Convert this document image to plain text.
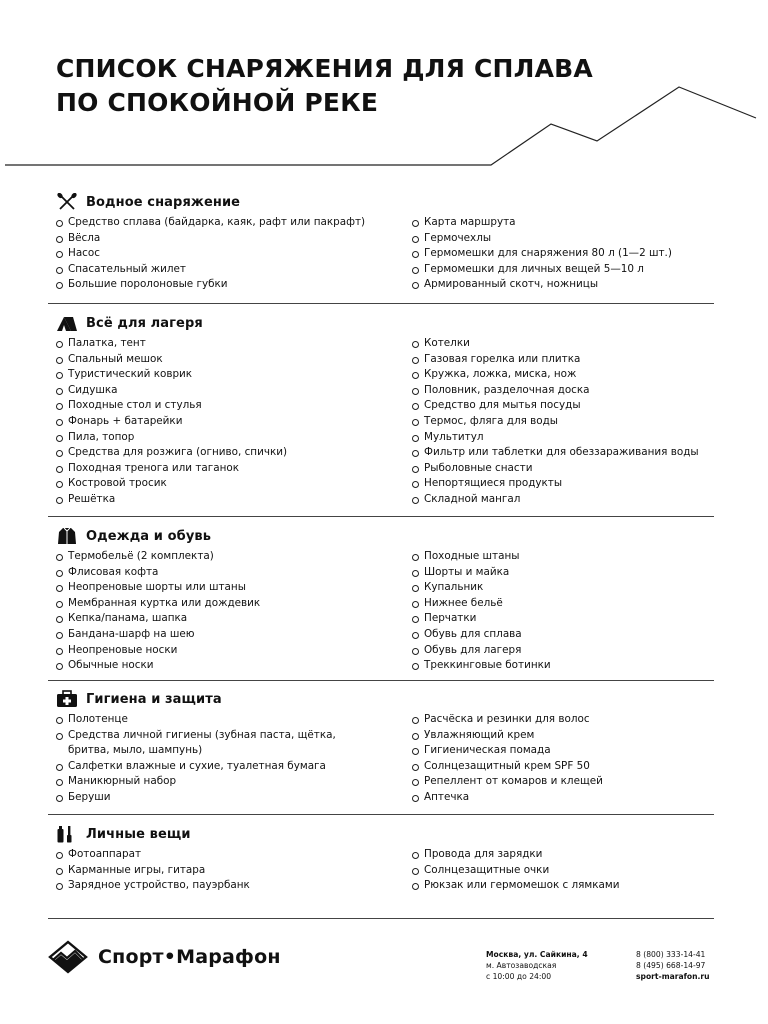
СПИСОК СНАРЯЖЕНИЯ ДЛЯ СПЛАВА
ПО СПОКОЙНОЙ РЕКЕ
Водное снаряжение
Средство сплава (байдарка, каяк, рафт или пакрафт)
Вёсла
Насос
Спасательный жилет
Большие поролоновые губки
Карта маршрута
Гермочехлы
Гермомешки для снаряжения 80 л (1—2 шт.)
Гермомешки для личных вещей 5—10 л
Армированный скотч, ножницы
Всё для лагеря
Палатка, тент
Спальный мешок
Туристический коврик
Сидушка
Походные стол и стулья
Фонарь + батарейки
Пила, топор
Средства для розжига (огниво, спички)
Походная тренога или таганок
Костровой тросик
Решётка
Котелки
Газовая горелка или плитка
Кружка, ложка, миска, нож
Половник, разделочная доска
Средство для мытья посуды
Термос, фляга для воды
Мультитул
Фильтр или таблетки для обеззараживания воды
Рыболовные снасти
Непортящиеся продукты
Складной мангал
Одежда и обувь
Термобельё (2 комплекта)
Флисовая кофта
Неопреновые шорты или штаны
Мембранная куртка или дождевик
Кепка/панама, шапка
Бандана-шарф на шею
Неопреновые носки
Обычные носки
Походные штаны
Шорты и майка
Купальник
Нижнее бельё
Перчатки
Обувь для сплава
Обувь для лагеря
Треккинговые ботинки
Гигиена и защита
Полотенце
Средства личной гигиены (зубная паста, щётка, бритва, мыло, шампунь)
Салфетки влажные и сухие, туалетная бумага
Маникюрный набор
Беруши
Расчёска и резинки для волос
Увлажняющий крем
Гигиеническая помада
Солнцезащитный крем SPF 50
Репеллент от комаров и клещей
Аптечка
Личные вещи
Фотоаппарат
Карманные игры, гитара
Зарядное устройство, пауэрбанк
Провода для зарядки
Солнцезащитные очки
Рюкзак или гермомешок с лямками
Спорт•Марафон	Москва, ул. Сайкина, 4
м. Автозаводская
с 10:00 до 24:00
8 (800) 333-14-41
8 (495) 668-14-97
sport-marafon.ru
